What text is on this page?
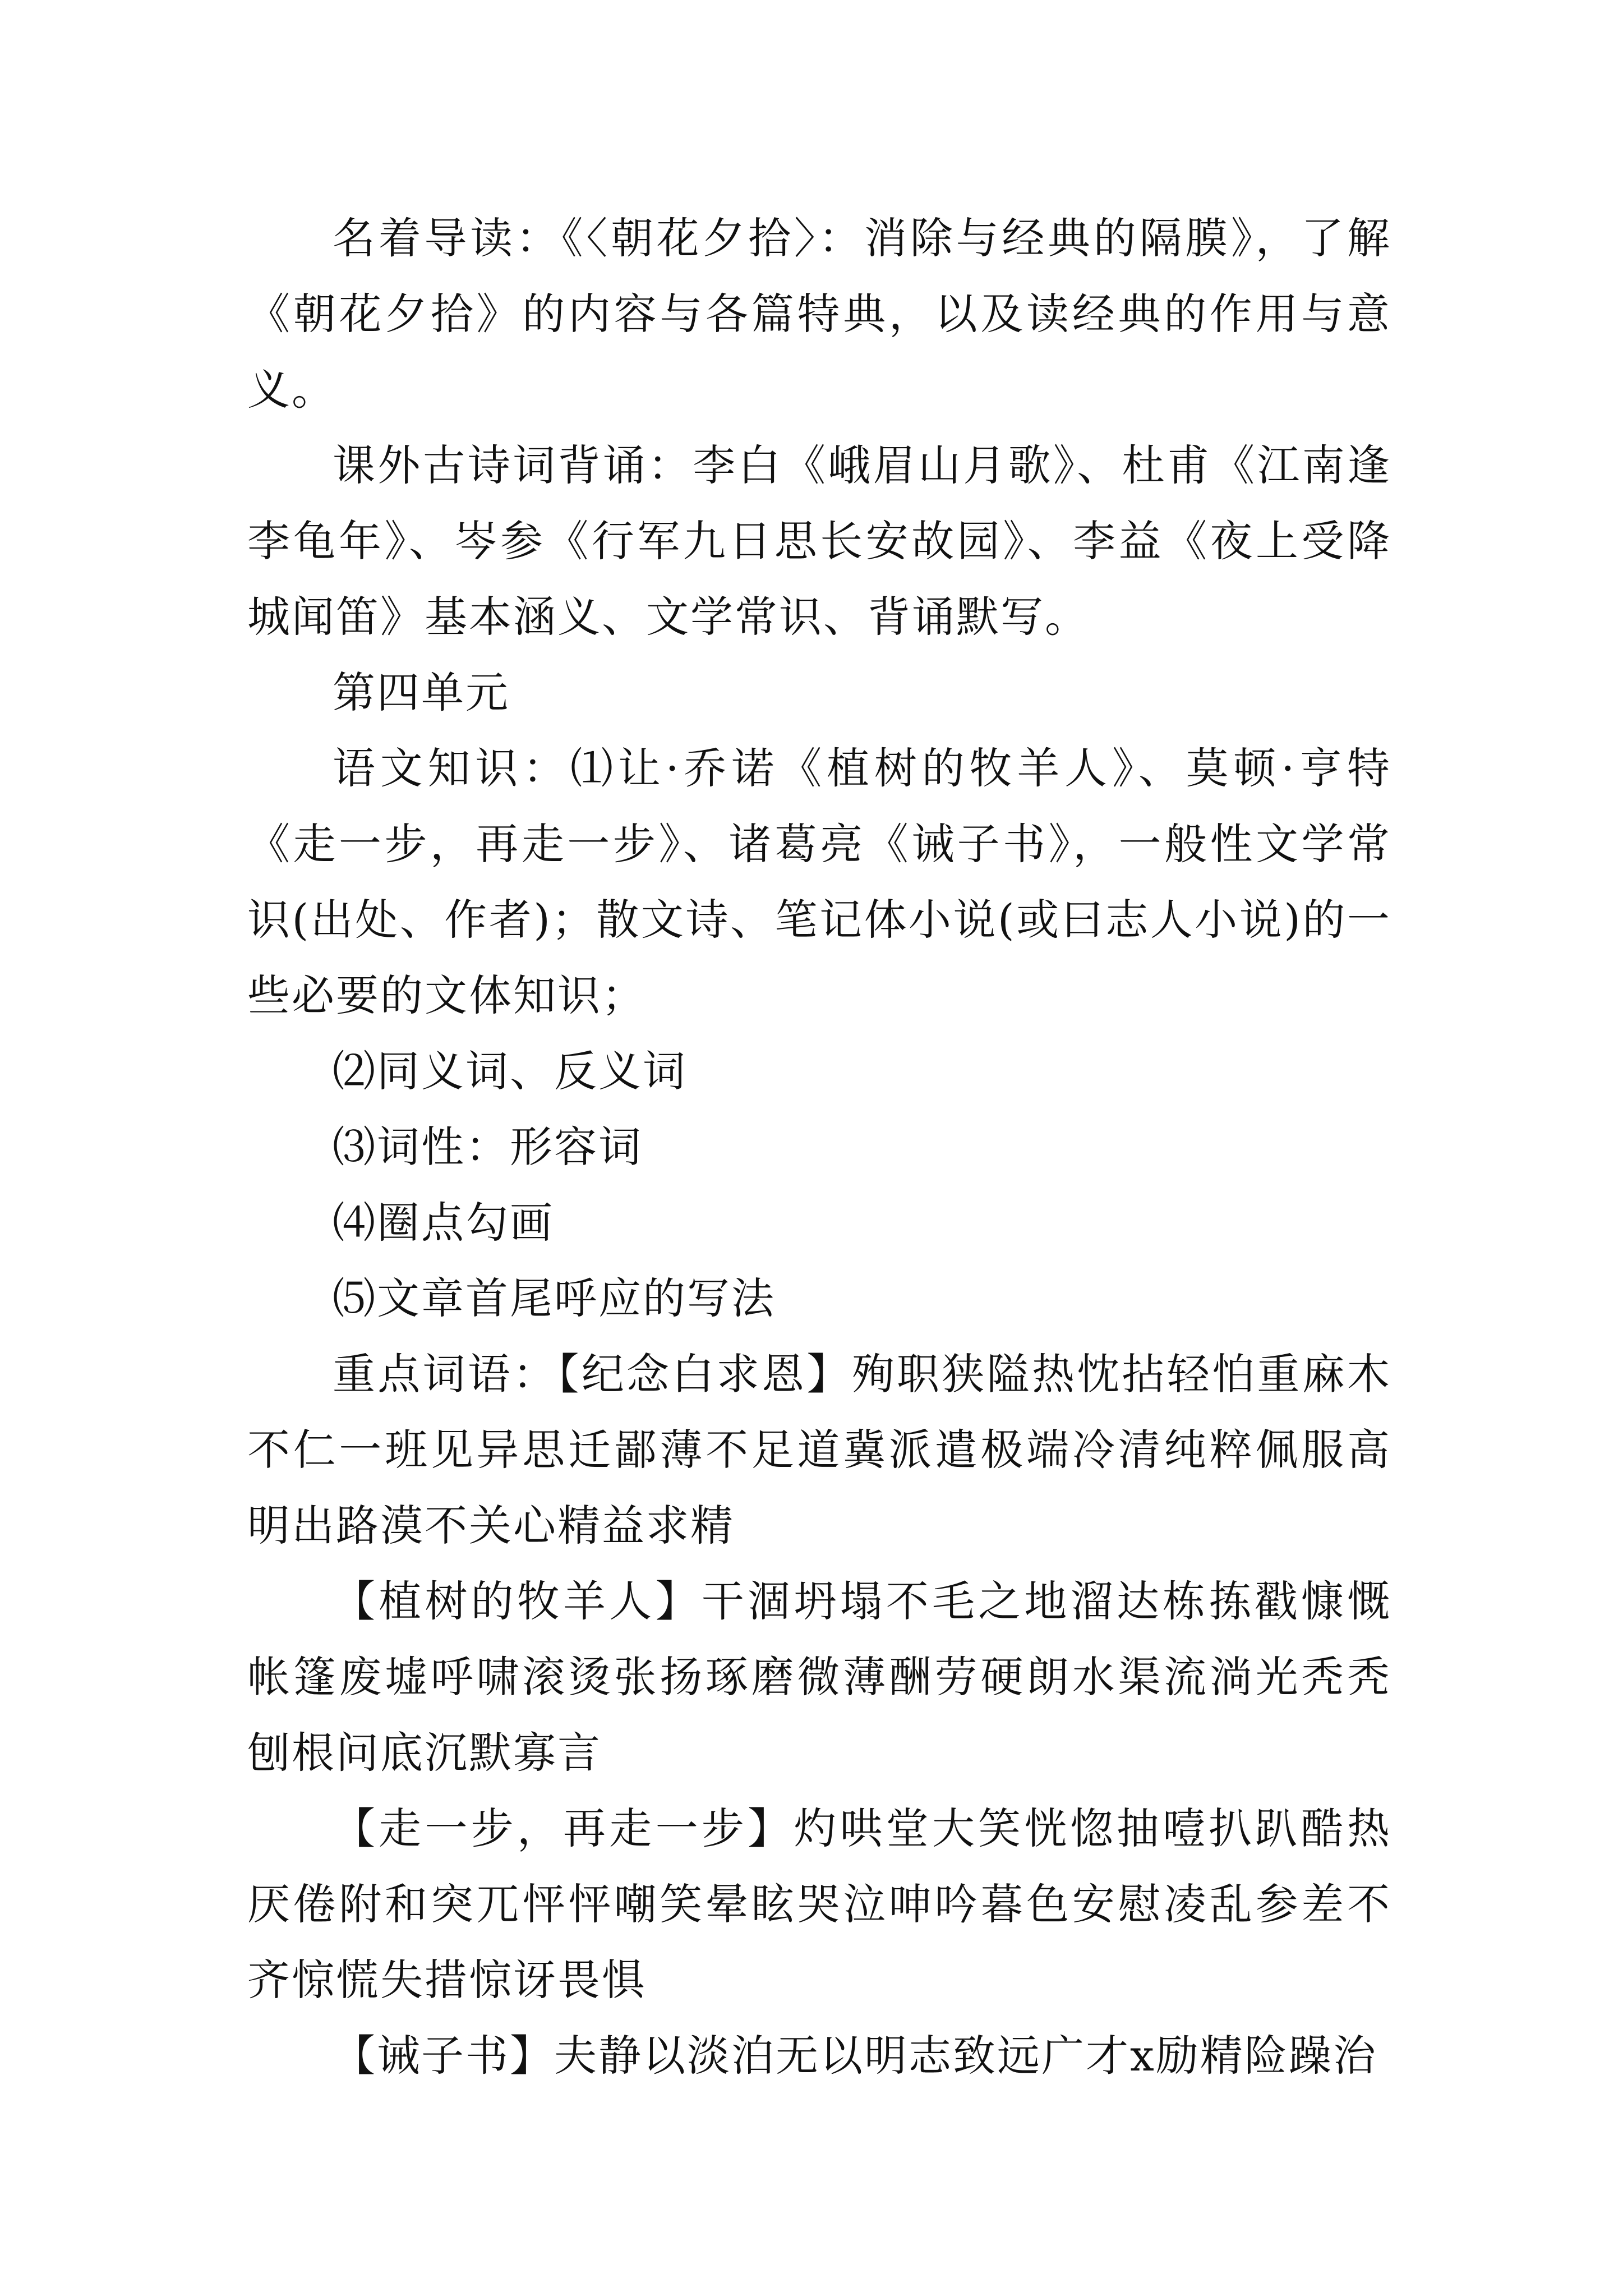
名着导读：《〈朝花夕拾〉：消除与经典的隔膜》，了解《朝花夕拾》的内容与各篇特典，以及读经典的作用与意义。

课外古诗词背诵：李白《峨眉山月歌》、杜甫《江南逢李龟年》、岑参《行军九日思长安故园》、李益《夜上受降城闻笛》基本涵义、文学常识、背诵默写。

第四单元

语文知识：⑴让·乔诺《植树的牧羊人》、莫顿·亨特《走一步，再走一步》、诸葛亮《诫子书》，一般性文学常识(出处、作者)；散文诗、笔记体小说(或曰志人小说)的一些必要的文体知识；

⑵同义词、反义词

⑶词性：形容词

⑷圈点勾画

⑸文章首尾呼应的写法

重点词语：【纪念白求恩】殉职狭隘热忱拈轻怕重麻木不仁一班见异思迁鄙薄不足道冀派遣极端冷清纯粹佩服高明出路漠不关心精益求精

【植树的牧羊人】干涸坍塌不毛之地溜达栋拣戳慷慨帐篷废墟呼啸滚烫张扬琢磨微薄酬劳硬朗水渠流淌光秃秃刨根问底沉默寡言

【走一步，再走一步】灼哄堂大笑恍惚抽噎扒趴酷热厌倦附和突兀怦怦嘲笑晕眩哭泣呻吟暮色安慰凌乱参差不齐惊慌失措惊讶畏惧

【诫子书】夫静以淡泊无以明志致远广才x励精险躁治
